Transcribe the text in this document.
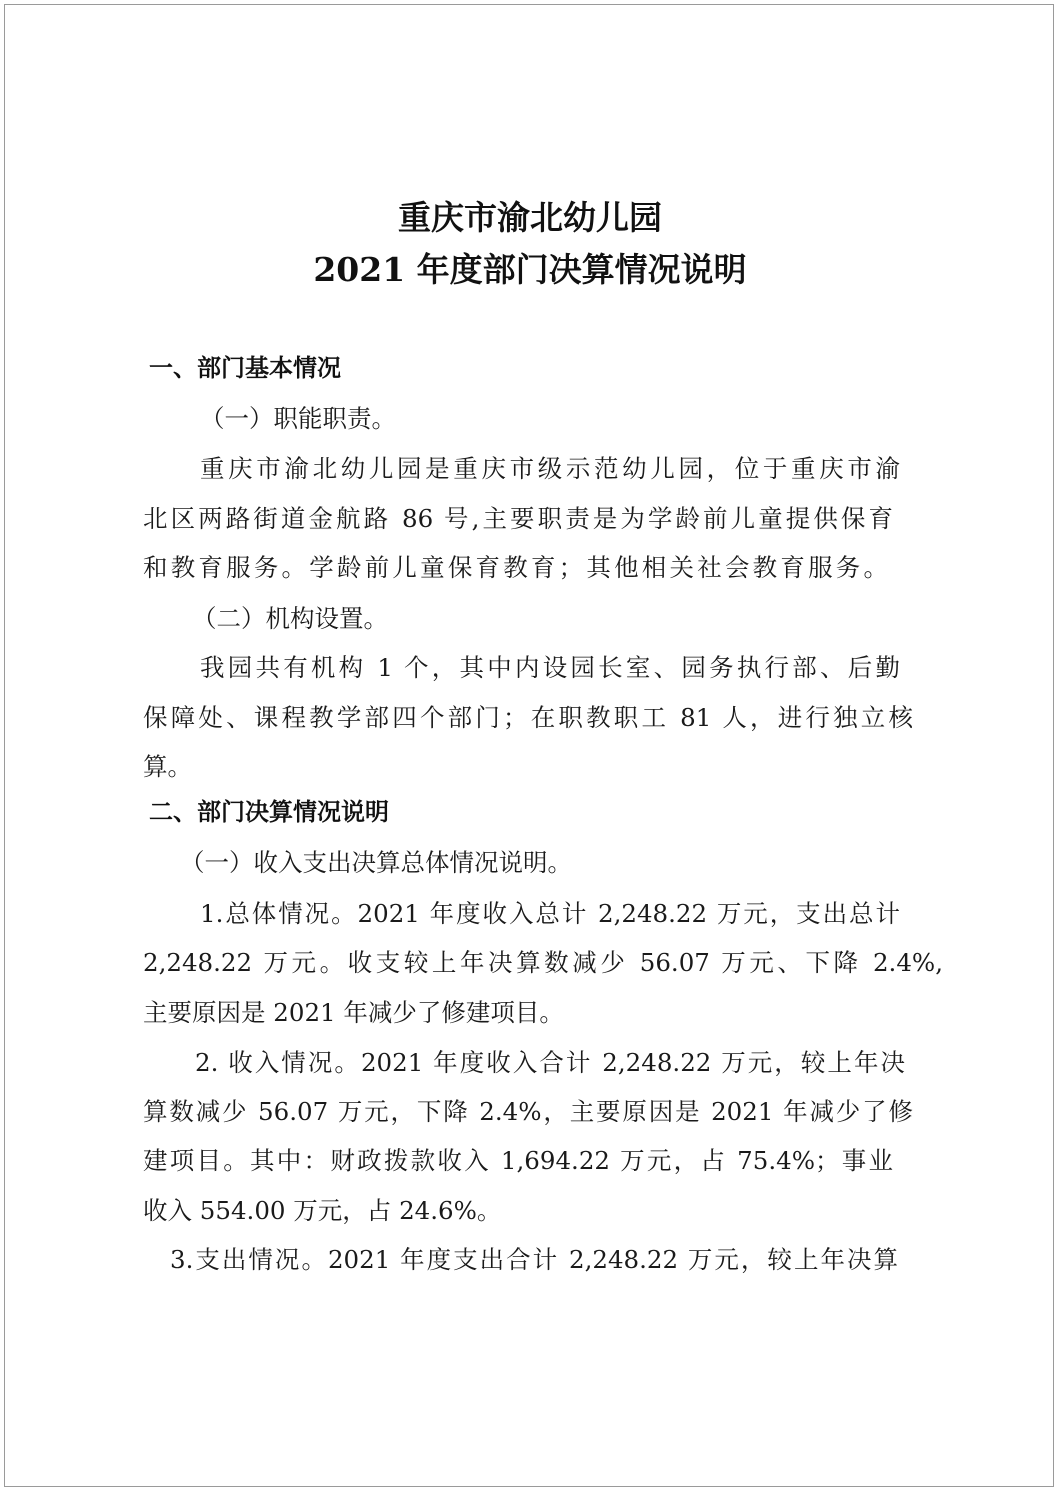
重庆市渝北幼儿园
2021 年度部门决算情况说明
一、部门基本情况
（一）职能职责。
重庆市渝北幼儿园是重庆市级示范幼儿园，位于重庆市渝
北区两路街道金航路 86 号,主要职责是为学龄前儿童提供保育
和教育服务。学龄前儿童保育教育；其他相关社会教育服务。
（二）机构设置。
我园共有机构 1 个，其中内设园长室、园务执行部、后勤
保障处、课程教学部四个部门；在职教职工 81 人，进行独立核
算。
二、部门决算情况说明
（一）收入支出决算总体情况说明。
1.总体情况。2021 年度收入总计 2,248.22 万元，支出总计
2,248.22 万元。收支较上年决算数减少 56.07 万元、下降 2.4%,
主要原因是 2021 年减少了修建项目。
2. 收入情况。2021 年度收入合计 2,248.22 万元，较上年决
算数减少 56.07 万元，下降 2.4%，主要原因是 2021 年减少了修
建项目。其中：财政拨款收入 1,694.22 万元，占 75.4%；事业
收入 554.00 万元，占 24.6%。
3.支出情况。2021 年度支出合计 2,248.22 万元，较上年决算
